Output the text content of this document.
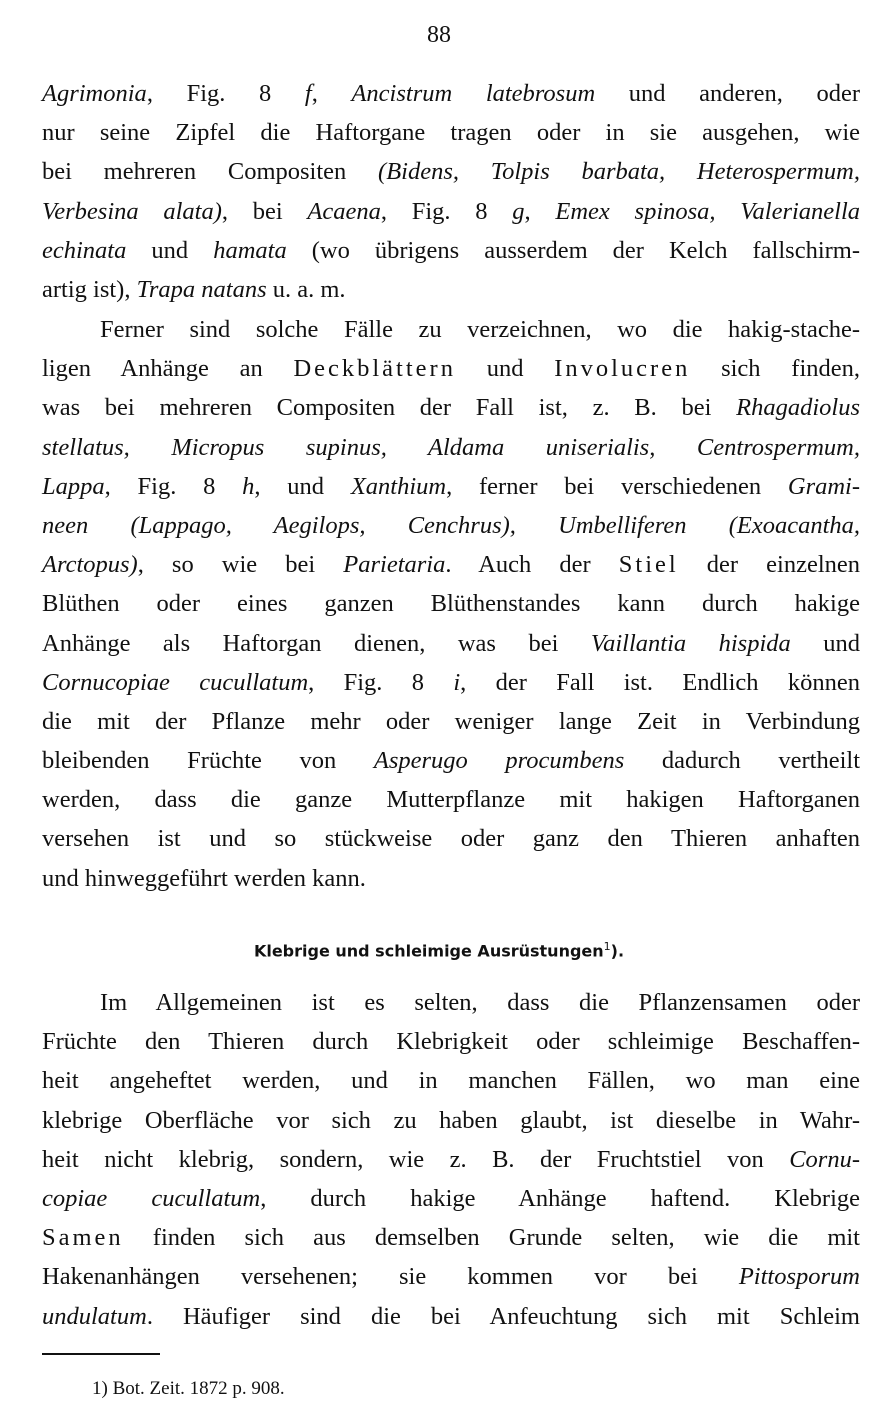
88
Agrimonia, Fig. 8 f, Ancistrum latebrosum und anderen, oder
nur seine Zipfel die Haftorgane tragen oder in sie ausgehen, wie
bei mehreren Compositen (Bidens, Tolpis barbata, Heterospermum,
Verbesina alata), bei Acaena, Fig. 8 g, Emex spinosa, Valerianella
echinata und hamata (wo übrigens ausserdem der Kelch fallschirm-
artig ist), Trapa natans u. a. m.
Ferner sind solche Fälle zu verzeichnen, wo die hakig-stache-
ligen Anhänge an Deckblättern und Involucren sich finden,
was bei mehreren Compositen der Fall ist, z. B. bei Rhagadiolus
stellatus, Micropus supinus, Aldama uniserialis, Centrospermum,
Lappa, Fig. 8 h, und Xanthium, ferner bei verschiedenen Grami-
neen (Lappago, Aegilops, Cenchrus), Umbelliferen (Exoacantha,
Arctopus), so wie bei Parietaria. Auch der Stiel der einzelnen
Blüthen oder eines ganzen Blüthenstandes kann durch hakige
Anhänge als Haftorgan dienen, was bei Vaillantia hispida und
Cornucopiae cucullatum, Fig. 8 i, der Fall ist. Endlich können
die mit der Pflanze mehr oder weniger lange Zeit in Verbindung
bleibenden Früchte von Asperugo procumbens dadurch vertheilt
werden, dass die ganze Mutterpflanze mit hakigen Haftorganen
versehen ist und so stückweise oder ganz den Thieren anhaften
und hinweggeführt werden kann.
Klebrige und schleimige Ausrüstungen$^1$).
Im Allgemeinen ist es selten, dass die Pflanzensamen oder
Früchte den Thieren durch Klebrigkeit oder schleimige Beschaffen-
heit angeheftet werden, und in manchen Fällen, wo man eine
klebrige Oberfläche vor sich zu haben glaubt, ist dieselbe in Wahr-
heit nicht klebrig, sondern, wie z. B. der Fruchtstiel von Cornu-
copiae cucullatum, durch hakige Anhänge haftend. Klebrige
Samen finden sich aus demselben Grunde selten, wie die mit
Hakenanhängen versehenen; sie kommen vor bei Pittosporum
undulatum. Häufiger sind die bei Anfeuchtung sich mit Schleim
1) Bot. Zeit. 1872 p. 908.
